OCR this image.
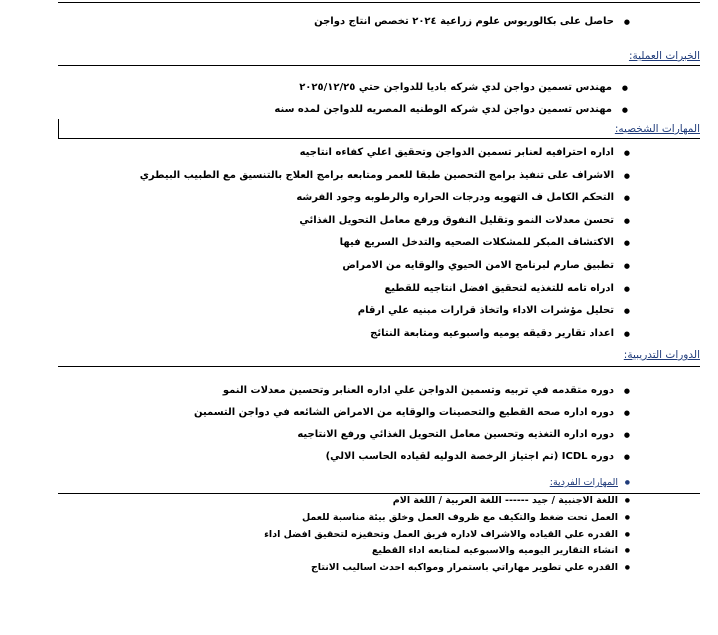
● حاصل على بكالوريوس علوم زراعية ٢٠٢٤ تخصص انتاج دواجن
الخبرات العملية:
● مهندس تسمين دواجن لدي شركه باديا للدواجن حتي ٢٠٢٥/١٢/٢٥
● مهندس تسمين دواجن لدي شركه الوطنيه المصريه للدواجن لمده سنه
المهارات الشخصيه:
● اداره احترافيه لعنابر تسمين الدواجن وتحقيق اعلي كفاءه انتاجيه
● الاشراف على تنفيذ برامج التحصين طبقا للعمر ومتابعه برامج العلاج بالتنسيق مع الطبيب البيطري
● التحكم الكامل ف التهويه ودرجات الحراره والرطوبه وجود الفرشه
● تحسن معدلات النمو وتقليل النفوق ورفع معامل التحويل الغذائي
● الاكتشاف المبكر للمشكلات الصحيه والتدخل السريع فيها
● تطبيق صارم لبرنامج الامن الحيوي والوقايه من الامراض
● ادراه تامه للتغذيه لتحقيق افضل انتاجيه للقطيع
● تحليل مؤشرات الاداء واتخاذ قرارات مبنيه علي ارقام
● اعداد تقارير دقيقه يوميه واسبوعيه ومتابعة النتائج
الدورات التدريبية:
● دوره متقدمه في تربيه وتسمين الدواجن علي اداره العنابر وتحسين معدلات النمو
● دوره اداره صحه القطيع والتحصينات والوقايه من الامراض الشائعه في دواجن التسمين
● دوره اداره التغذيه وتحسين معامل التحويل الغذائي ورفع الانتاجيه
● دوره ICDL (تم اجتياز الرخصة الدوليه لقياده الحاسب الالي)
● المهارات الفردية:
● اللغة الاجنبية / جيد ------ اللغة العربية / اللغة الام
● العمل تحت ضغط والتكيف مع ظروف العمل وخلق بيئة مناسبة للعمل
● القدره علي القياده والاشراف لاداره فريق العمل وتحفيزه لتحقيق افضل اداء
● انشاء التقارير اليوميه والاسبوعيه لمتابعه اداء القطيع
● القدره علي تطوير مهاراتي باستمرار ومواكبه احدث اساليب الانتاج
